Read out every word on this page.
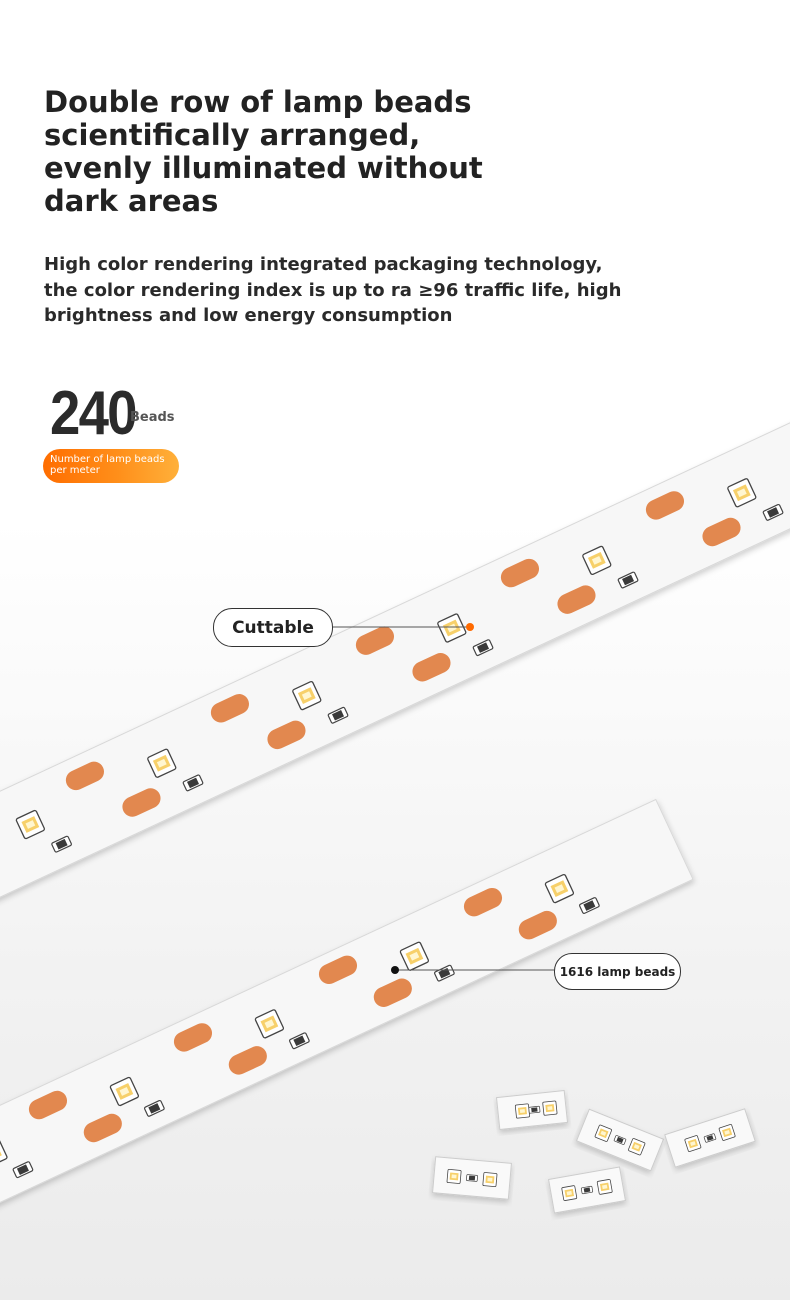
Double row of lamp beads scientifically arranged, evenly illuminated without dark areas

High color rendering integrated packaging technology, the color rendering index is up to ra ≥96 traffic life, high brightness and low energy consumption

240
Beads
Number of lamp beads per meter
Cuttable
1616 lamp beads
